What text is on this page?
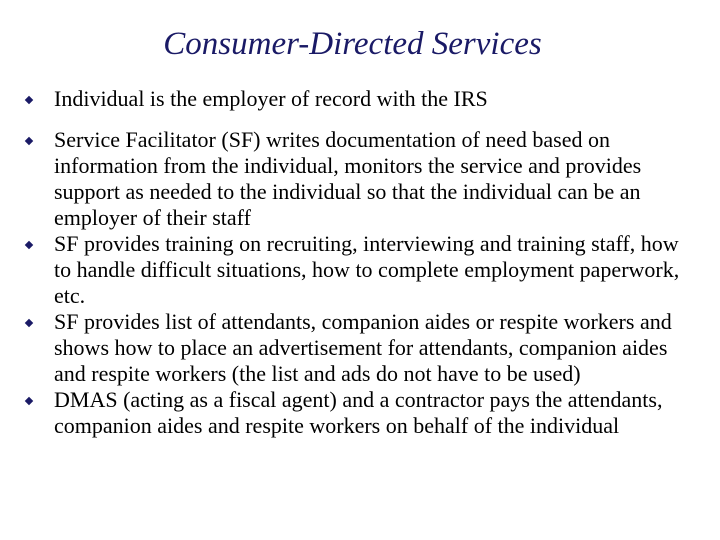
Consumer-Directed Services
Individual is the employer of record with the IRS
Service Facilitator (SF) writes documentation of need based on information from the individual, monitors the service and provides support as needed to the individual so that the individual can be an employer of their staff
SF provides training on recruiting, interviewing and training staff, how to handle difficult situations, how to complete employment paperwork, etc.
SF provides list of attendants, companion aides or respite workers and shows how to place an advertisement for attendants, companion aides and respite workers (the list and ads do not have to be used)
DMAS (acting as a fiscal agent) and a contractor pays the attendants, companion aides and respite workers on behalf of the individual
